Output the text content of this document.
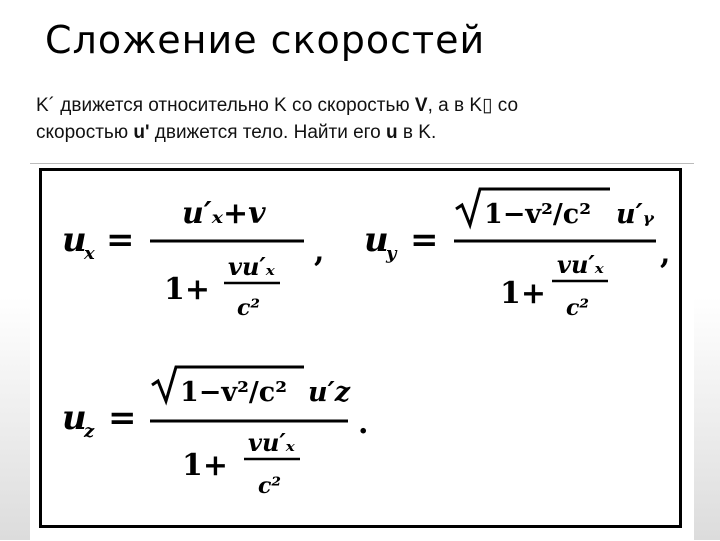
Сложение скоростей
K´ движется относительно K со скоростью V, а в K▯ со
скоростью u' движется тело. Найти его u в K.
u
x =
u′ₓ+v
1+
vu′ₓ
c²
, u
y =
1−v²/c² u′ᵧ
1+
vu′ₓ
c²
,
u
z =
1−v²/c² u′z
1+
vu′ₓ
c²
.
